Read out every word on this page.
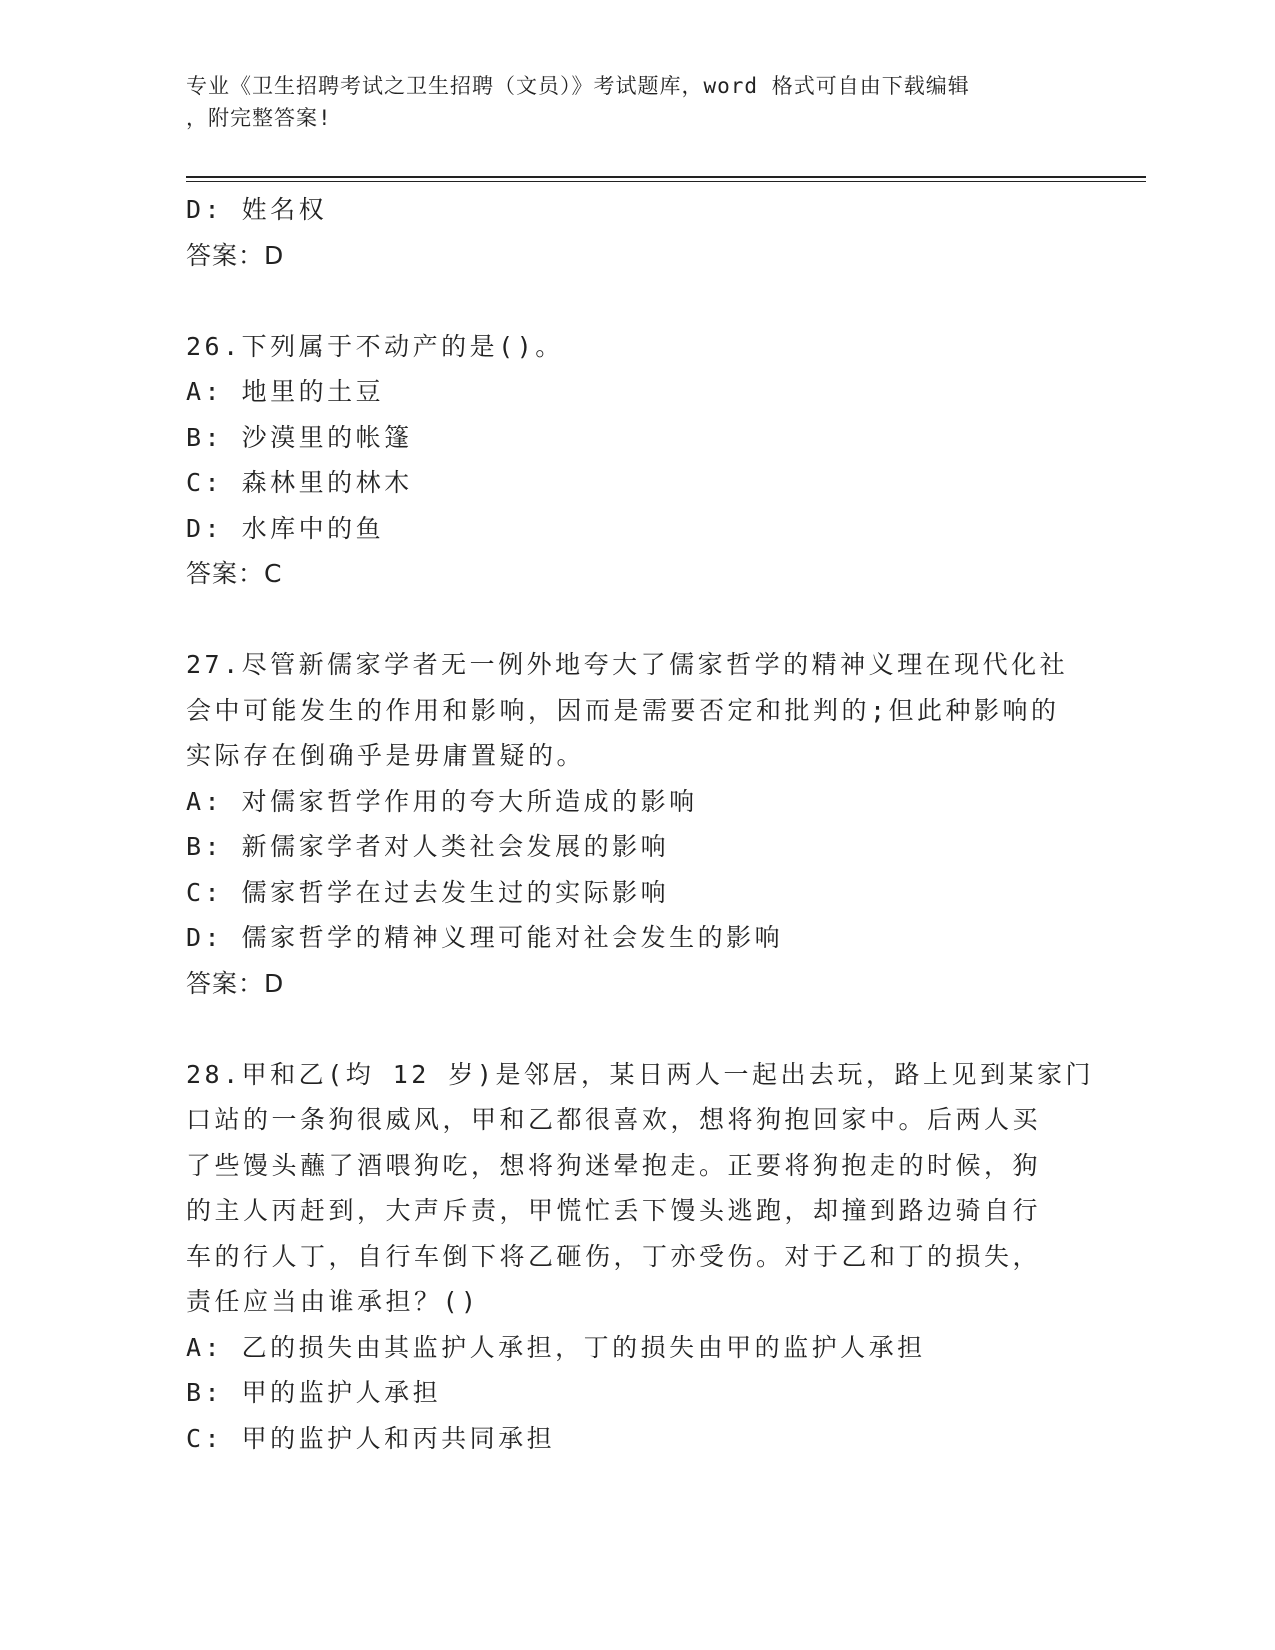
专业《卫生招聘考试之卫生招聘（文员）》考试题库，word 格式可自由下载编辑
，附完整答案!
D: 姓名权
答案：D
26.下列属于不动产的是()。
A: 地里的土豆
B: 沙漠里的帐篷
C: 森林里的林木
D: 水库中的鱼
答案：C
27.尽管新儒家学者无一例外地夸大了儒家哲学的精神义理在现代化社
会中可能发生的作用和影响，因而是需要否定和批判的;但此种影响的
实际存在倒确乎是毋庸置疑的。
A: 对儒家哲学作用的夸大所造成的影响
B: 新儒家学者对人类社会发展的影响
C: 儒家哲学在过去发生过的实际影响
D: 儒家哲学的精神义理可能对社会发生的影响
答案：D
28.甲和乙(均 12 岁)是邻居，某日两人一起出去玩，路上见到某家门
口站的一条狗很威风，甲和乙都很喜欢，想将狗抱回家中。后两人买
了些馒头蘸了酒喂狗吃，想将狗迷晕抱走。正要将狗抱走的时候，狗
的主人丙赶到，大声斥责，甲慌忙丢下馒头逃跑，却撞到路边骑自行
车的行人丁，自行车倒下将乙砸伤，丁亦受伤。对于乙和丁的损失，
责任应当由谁承担？()
A: 乙的损失由其监护人承担，丁的损失由甲的监护人承担
B: 甲的监护人承担
C: 甲的监护人和丙共同承担
